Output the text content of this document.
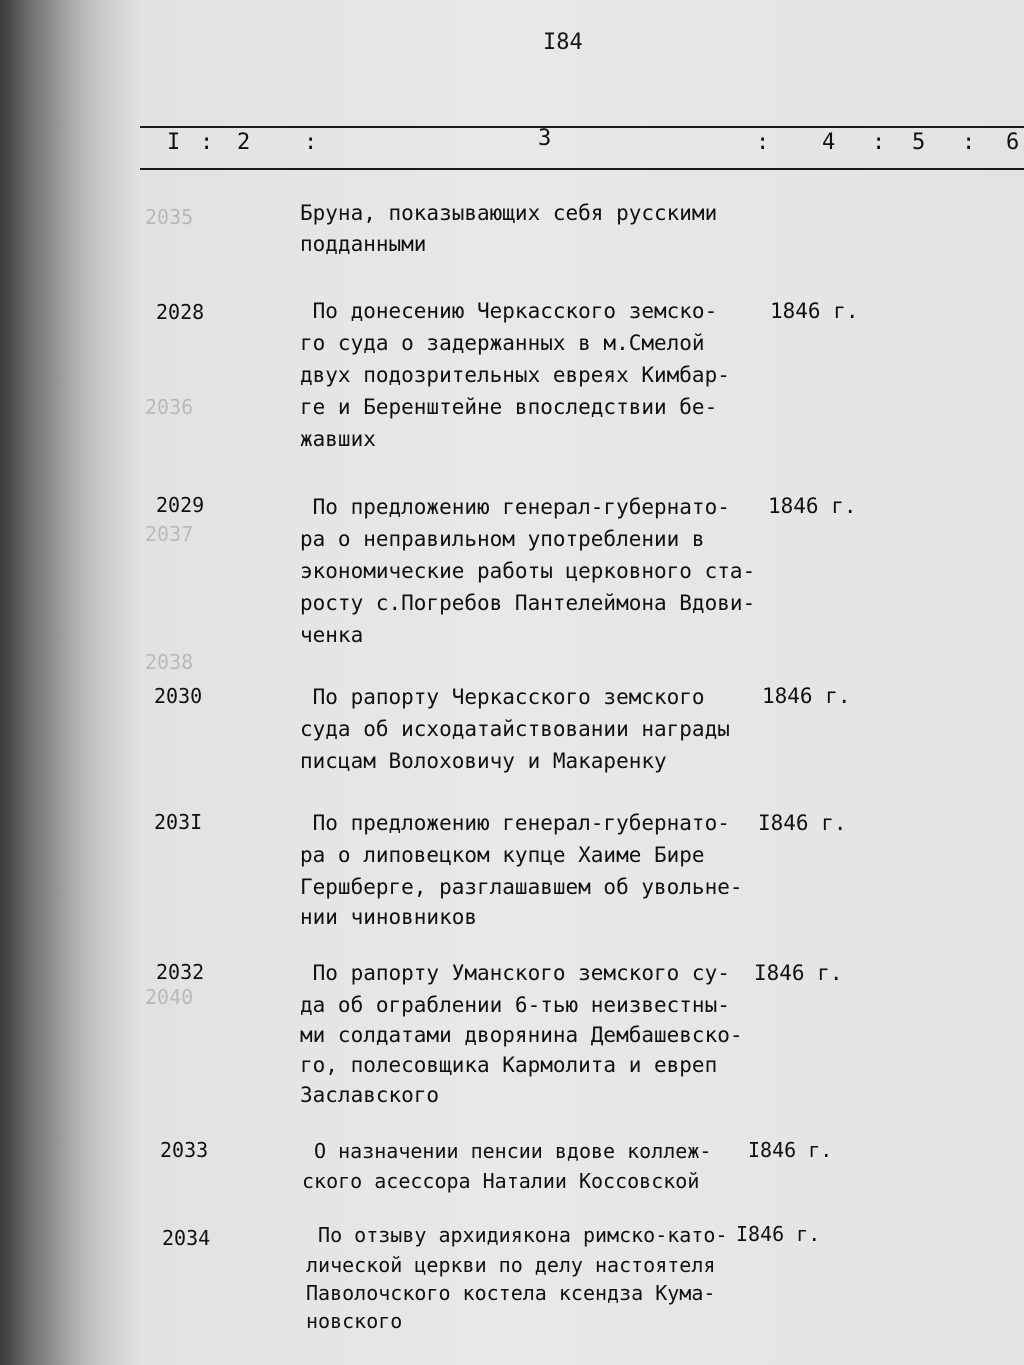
2035
2036
2037
2038
2040
I84
I : 2 :	3	: 4 : 5 : 6
Бруна, показывающих себя русскими
подданными
2028	По донесению Черкасского земско-
го суда о задержанных в м.Смелой
двух подозрительных евреях Кимбар-
ге и Беренштейне впоследствии бе-
жавших
1846 г.
2029	По предложению генерал-губернато-
ра о неправильном употреблении в
экономические работы церковного ста-
росту с.Погребов Пантелеймона Вдови-
ченка
1846 г.
2030	По рапорту Черкасского земского
суда об исходатайствовании награды
писцам Волоховичу и Макаренку
1846 г.
203I	По предложению генерал-губернато-
ра о липовецком купце Хаиме Бире
Гершберге, разглашавшем об увольне-
нии чиновников
I846 г.
2032	По рапорту Уманского земского су-
да об ограблении 6-тью неизвестны-
ми солдатами дворянина Дембашевско-
го, полесовщика Кармолита и евреп
Заславского
I846 г.
2033	О назначении пенсии вдове коллеж-
ского асессора Наталии Коссовской
I846 г.
2034	По отзыву архидиякона римско-като-
лической церкви по делу настоятеля
Паволочского костела ксендза Кума-
новского
I846 г.
